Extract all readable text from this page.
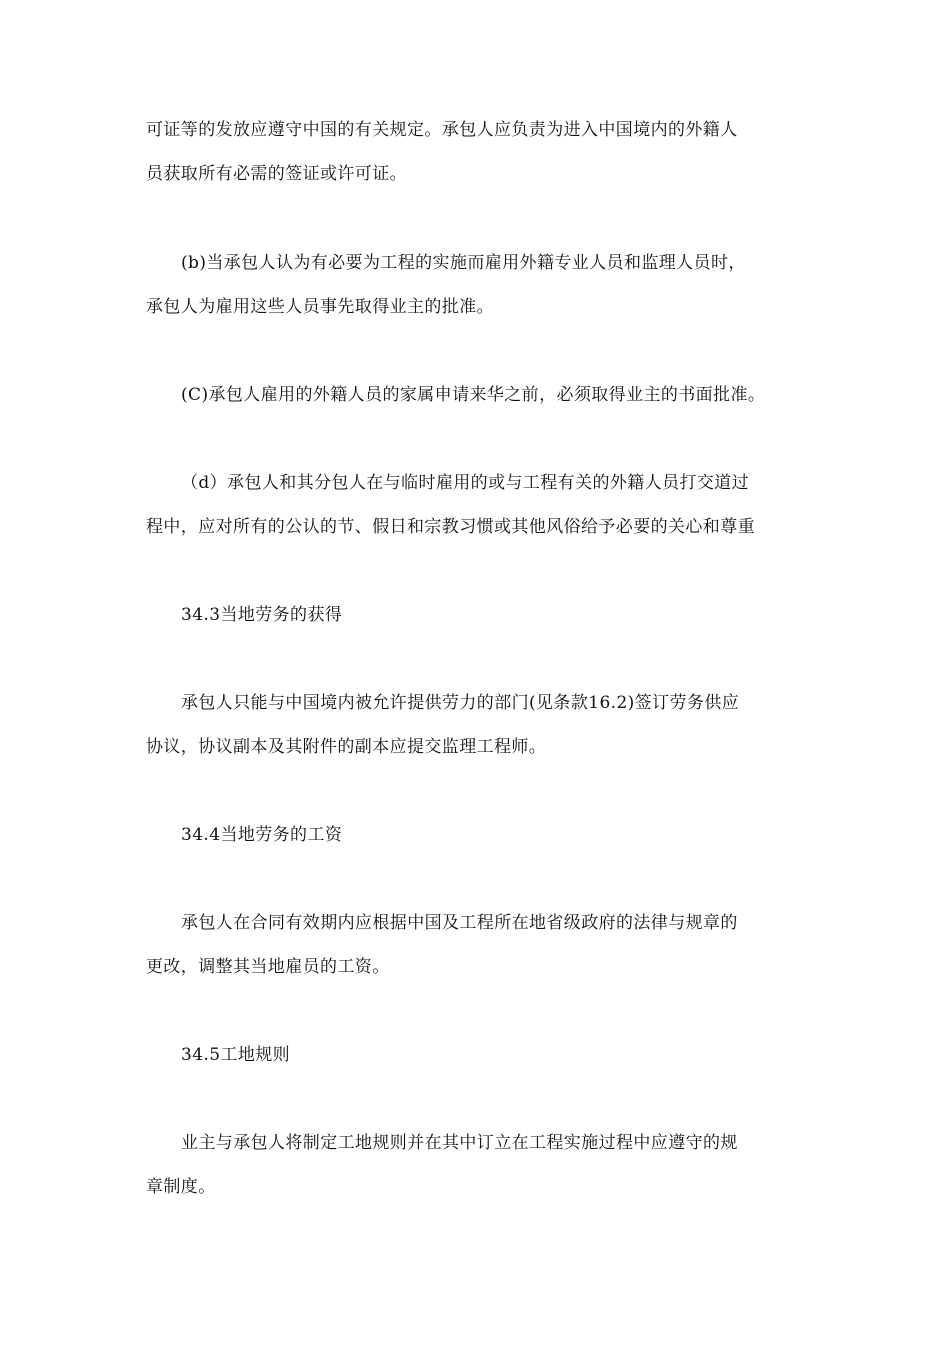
可证等的发放应遵守中国的有关规定。承包人应负责为进入中国境内的外籍人
员获取所有必需的签证或许可证。
(b)当承包人认为有必要为工程的实施而雇用外籍专业人员和监理人员时，
承包人为雇用这些人员事先取得业主的批准。
(C)承包人雇用的外籍人员的家属申请来华之前，必须取得业主的书面批准。
（d）承包人和其分包人在与临时雇用的或与工程有关的外籍人员打交道过
程中，应对所有的公认的节、假日和宗教习惯或其他风俗给予必要的关心和尊重
34.3当地劳务的获得
承包人只能与中国境内被允许提供劳力的部门(见条款16.2)签订劳务供应
协议，协议副本及其附件的副本应提交监理工程师。
34.4当地劳务的工资
承包人在合同有效期内应根据中国及工程所在地省级政府的法律与规章的
更改，调整其当地雇员的工资。
34.5工地规则
业主与承包人将制定工地规则并在其中订立在工程实施过程中应遵守的规
章制度。
